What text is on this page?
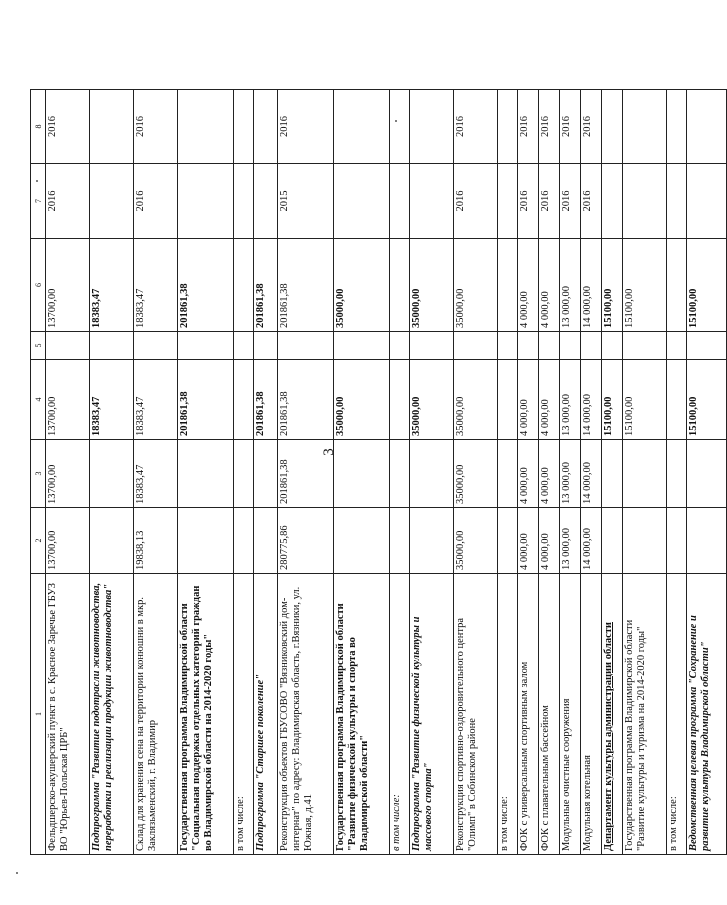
3
1	2	3	4	5	6	7	8
Фельдшерско-акушерский пункт в с. Красное Заречье ГБУЗ ВО "Юрьев-Польская ЦРБ"	13700,00	13700,00	13700,00		13700,00	2016	2016
Подпрограмма "Развитие подотрасли животноводства, переработки и реализации продукции животноводства"			18383,47		18383,47		
Склад для хранения сена на территории конюшни в мкр. Заклязьменский, г. Владимир	19838,13	18383,47	18383,47		18383,47	2016	2016
Государственная программа Владимирской области "Социальная поддержка отдельных категорий граждан во Владимирской области на 2014-2020 годы"			201861,38		201861,38		
в том числе:							
Подпрограмма "Старшее поколение"			201861,38		201861,38		
Реконструкция объектов ГБУСОВО "Вязниковский дом-интернат" по адресу: Владимирская область, г.Вязники, ул. Южная, д.41	280775,86	201861,38	201861,38		201861,38	2015	2016
Государственная программа Владимирской области "Развитие физической культуры и спорта во Владимирской области"			35000,00		35000,00		
в том числе:							
Подпрограмма "Развитие физической культуры и массового спорта"			35000,00		35000,00		
Реконструкция спортивно-оздоровительного центра "Олимп" в Собинском районе	35000,00	35000,00	35000,00		35000,00	2016	2016
в том числе:							
ФОК с универсальным спортивным залом	4 000,00	4 000,00	4 000,00		4 000,00	2016	2016
ФОК с плавательным бассейном	4 000,00	4 000,00	4 000,00		4 000,00	2016	2016
Модульные очистные сооружения	13 000,00	13 000,00	13 000,00		13 000,00	2016	2016
Модульная котельная	14 000,00	14 000,00	14 000,00		14 000,00	2016	2016
Департамент культуры администрации области			15100,00		15100,00		
Государственная программа Владимирской области "Развитие культуры и туризма на 2014-2020 годы"			15100,00		15100,00		
в том числе:							
Ведомственная целевая программа "Сохранение и развитие культуры Владимирской области"			15100,00		15100,00		
